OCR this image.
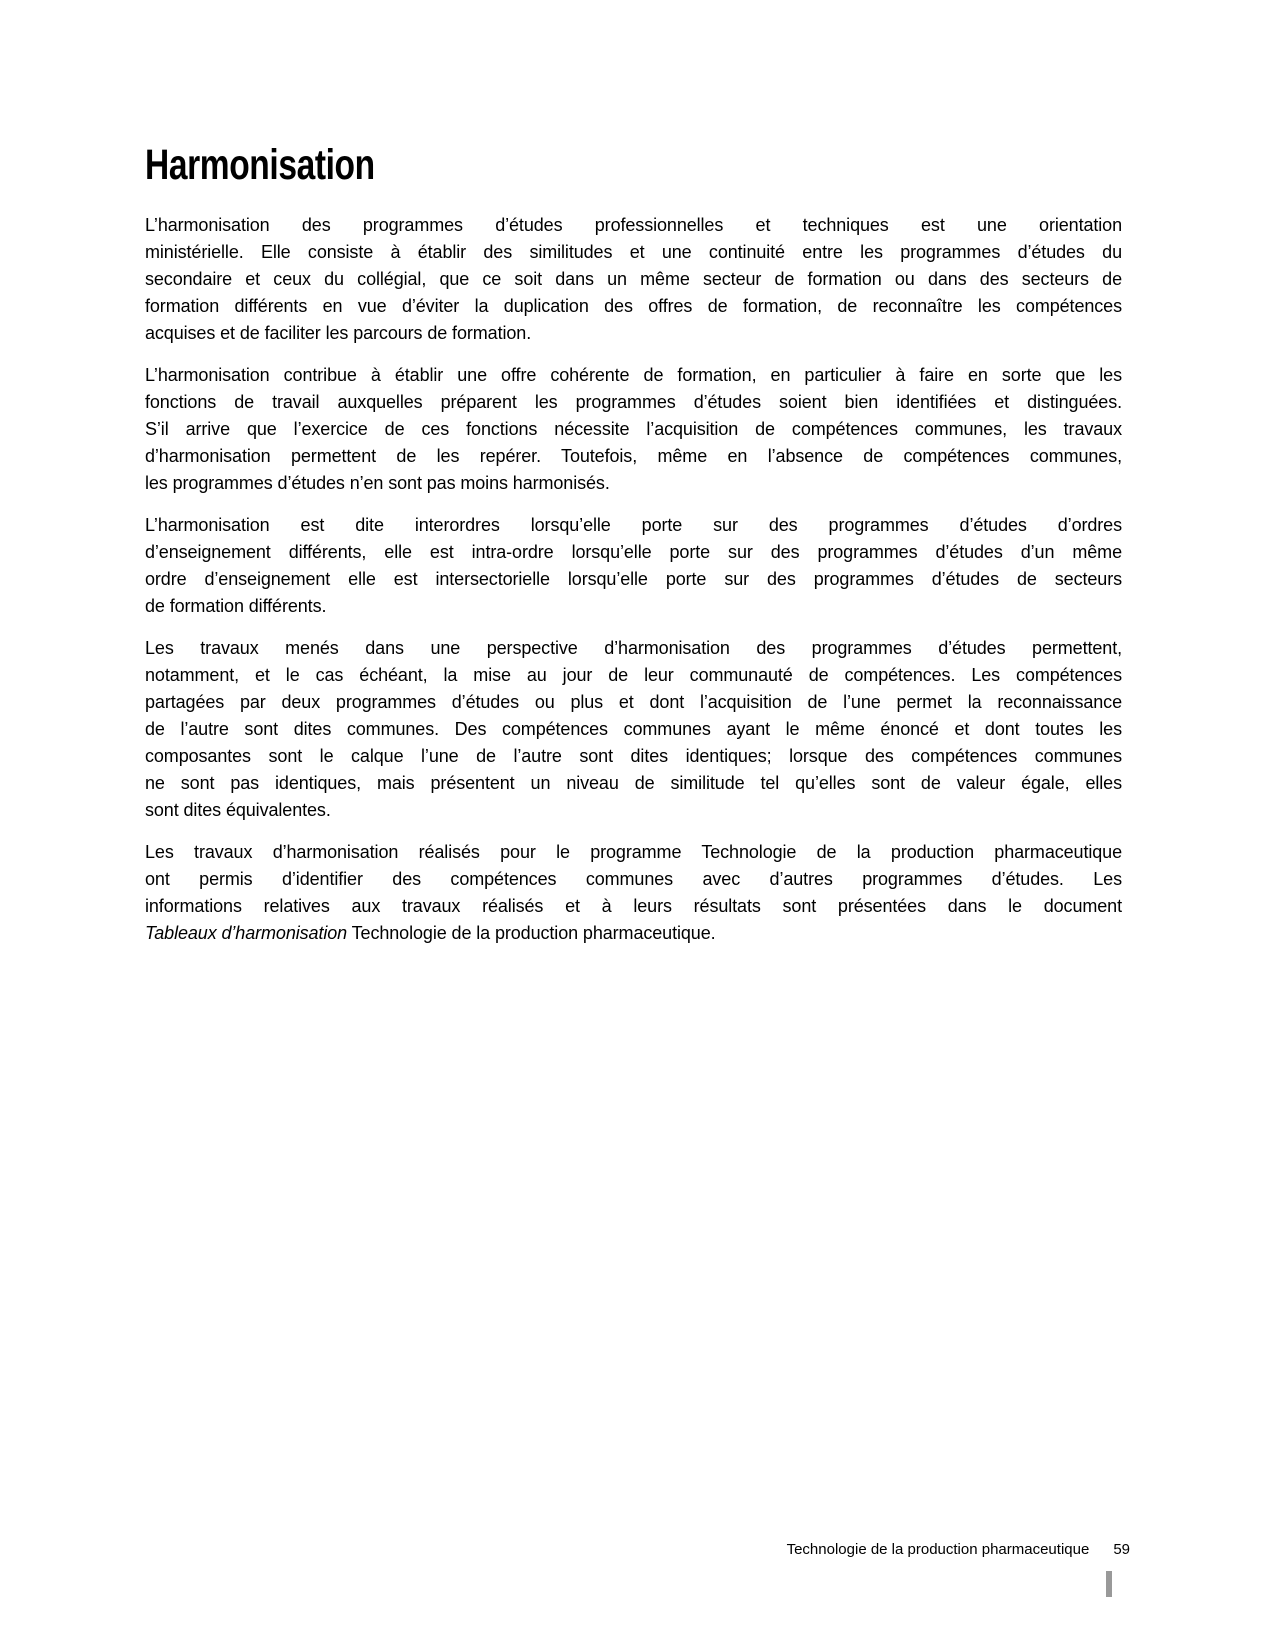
Harmonisation

L’harmonisation des programmes d’études professionnelles et techniques est une orientation
ministérielle. Elle consiste à établir des similitudes et une continuité entre les programmes d’études du
secondaire et ceux du collégial, que ce soit dans un même secteur de formation ou dans des secteurs de
formation différents en vue d’éviter la duplication des offres de formation, de reconnaître les compétences
acquises et de faciliter les parcours de formation.

L’harmonisation contribue à établir une offre cohérente de formation, en particulier à faire en sorte que les
fonctions de travail auxquelles préparent les programmes d’études soient bien identifiées et distinguées.
S’il arrive que l’exercice de ces fonctions nécessite l’acquisition de compétences communes, les travaux
d’harmonisation permettent de les repérer. Toutefois, même en l’absence de compétences communes,
les programmes d’études n’en sont pas moins harmonisés.

L’harmonisation est dite interordres lorsqu’elle porte sur des programmes d’études d’ordres
d’enseignement différents, elle est intra-ordre lorsqu’elle porte sur des programmes d’études d’un même
ordre d’enseignement elle est intersectorielle lorsqu’elle porte sur des programmes d’études de secteurs
de formation différents.

Les travaux menés dans une perspective d’harmonisation des programmes d’études permettent,
notamment, et le cas échéant, la mise au jour de leur communauté de compétences. Les compétences
partagées par deux programmes d’études ou plus et dont l’acquisition de l’une permet la reconnaissance
de l’autre sont dites communes. Des compétences communes ayant le même énoncé et dont toutes les
composantes sont le calque l’une de l’autre sont dites identiques; lorsque des compétences communes
ne sont pas identiques, mais présentent un niveau de similitude tel qu’elles sont de valeur égale, elles
sont dites équivalentes.

Les travaux d’harmonisation réalisés pour le programme Technologie de la production pharmaceutique
ont permis d’identifier des compétences communes avec d’autres programmes d’études. Les
informations relatives aux travaux réalisés et à leurs résultats sont présentées dans le document
Tableaux d’harmonisation Technologie de la production pharmaceutique.

Technologie de la production pharmaceutique 59
